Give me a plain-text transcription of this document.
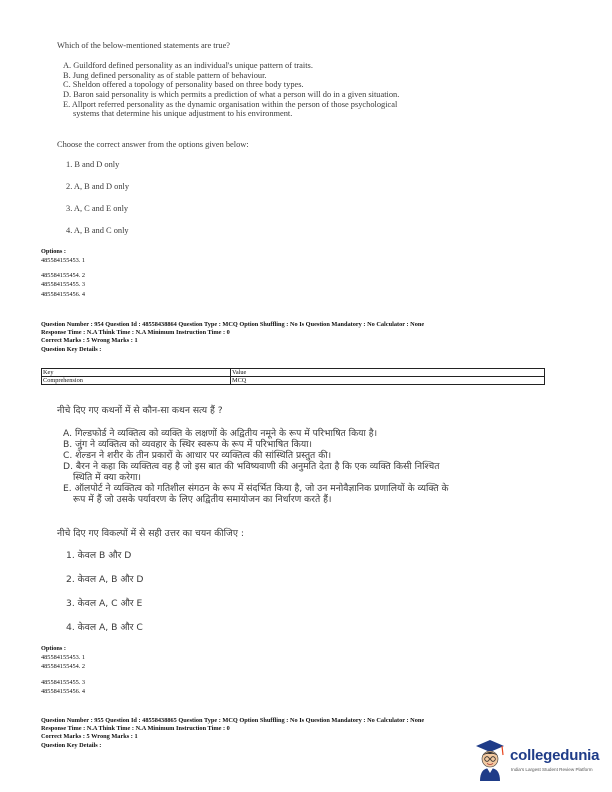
Which of the below-mentioned statements are true?
A. Guildford defined personality as an individual's unique pattern of traits.
B. Jung defined personality as of stable pattern of behaviour.
C. Sheldon offered a topology of personality based on three body types.
D. Baron said personality is which permits a prediction of what a person will do in a given situation.
E. Allport referred personality as the dynamic organisation within the person of those psychological
systems that determine his unique adjustment to his environment.
Choose the correct answer from the options given below:
1. B and D only
2. A, B and D only
3. A, C and E only
4. A, B and C only
Options :
485584155453. 1
485584155454. 2
485584155455. 3
485584155456. 4
Question Number : 954 Question Id : 48558438864 Question Type : MCQ Option Shuffling : No Is Question Mandatory : No Calculator : None
Response Time : N.A Think Time : N.A Minimum Instruction Time : 0
Correct Marks : 5 Wrong Marks : 1
Question Key Details :
Key	Value
Comprehension	MCQ
नीचे दिए गए कथनों में से कौन-सा कथन सत्य हैं ?
A. गिल्डफोर्ड ने व्यक्तित्व को व्यक्ति के लक्षणों के अद्वितीय नमूने के रूप में परिभाषित किया है।
B. जुंग ने व्यक्तित्व को व्यवहार के स्थिर स्वरूप के रूप में परिभाषित किया।
C. शेल्डन ने शरीर के तीन प्रकारों के आधार पर व्यक्तित्व की सांस्थिति प्रस्तुत की।
D. बैरन ने कहा कि व्यक्तित्व वह है जो इस बात की भविष्यवाणी की अनुमति देता है कि एक व्यक्ति किसी निश्चित
स्थिति में क्या करेगा।
E. ऑलपोर्ट ने व्यक्तित्व को गतिशील संगठन के रूप में संदर्भित किया है, जो उन मनोवैज्ञानिक प्रणालियों के व्यक्ति के
रूप में हैं जो उसके पर्यावरण के लिए अद्वितीय समायोजन का निर्धारण करते हैं।
नीचे दिए गए विकल्पों में से सही उत्तर का चयन कीजिए :
1. केवल B और D
2. केवल A, B और D
3. केवल A, C और E
4. केवल A, B और C
Options :
485584155453. 1
485584155454. 2
485584155455. 3
485584155456. 4
Question Number : 955 Question Id : 48558438865 Question Type : MCQ Option Shuffling : No Is Question Mandatory : No Calculator : None
Response Time : N.A Think Time : N.A Minimum Instruction Time : 0
Correct Marks : 5 Wrong Marks : 1
Question Key Details :
collegedunia
India's Largest Student Review Platform
